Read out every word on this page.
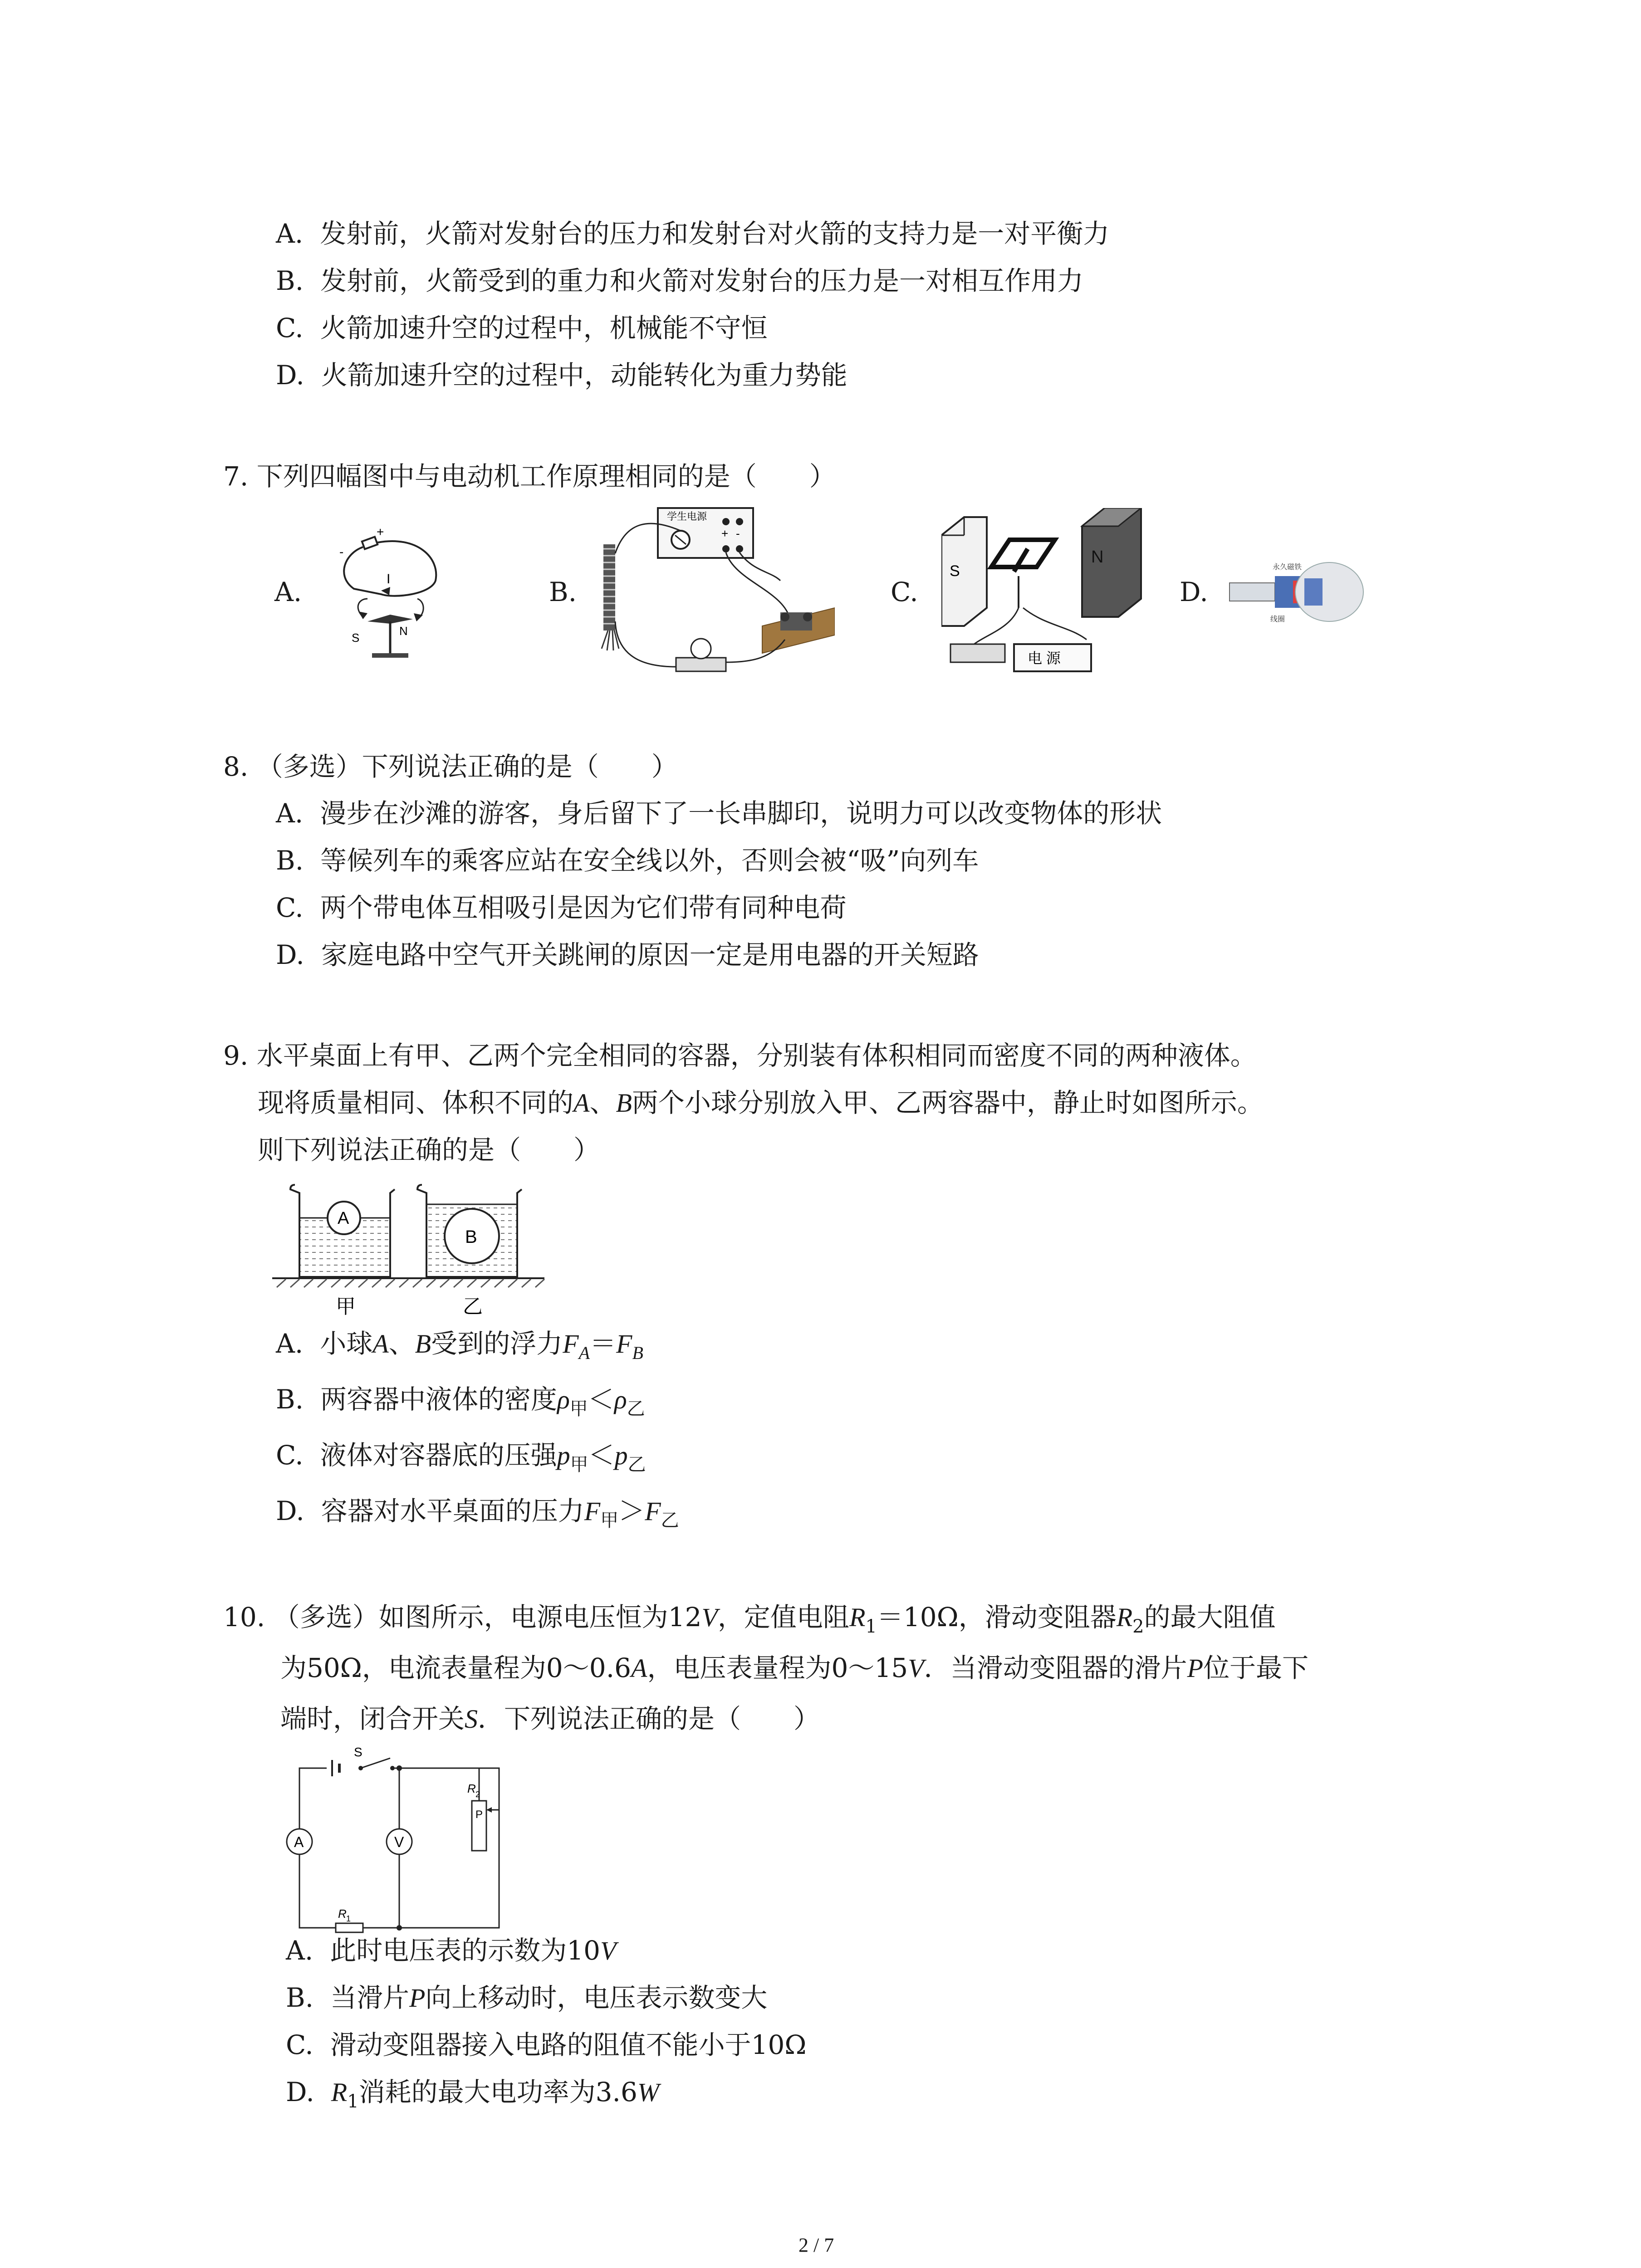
A. 发射前，火箭对发射台的压力和发射台对火箭的支持力是一对平衡力
B. 发射前，火箭受到的重力和火箭对发射台的压力是一对相互作用力
C. 火箭加速升空的过程中，机械能不守恒
D. 火箭加速升空的过程中，动能转化为重力势能
7. 下列四幅图中与电动机工作原理相同的是（　　）
A.	B.	C.	D.
+
-
I
S	N
学生电源
+ -
S
N
电 源
永久磁铁
线圈
8. （多选）下列说法正确的是（　　）
A. 漫步在沙滩的游客，身后留下了一长串脚印，说明力可以改变物体的形状
B. 等候列车的乘客应站在安全线以外，否则会被“吸”向列车
C. 两个带电体互相吸引是因为它们带有同种电荷
D. 家庭电路中空气开关跳闸的原因一定是用电器的开关短路
9. 水平桌面上有甲、乙两个完全相同的容器，分别装有体积相同而密度不同的两种液体。
现将质量相同、体积不同的A、B两个小球分别放入甲、乙两容器中，静止时如图所示。
则下列说法正确的是（　　）
A
B
甲	乙
A. 小球A、B受到的浮力$F_A=F_B$
B. 两容器中液体的密度$\rho_甲<\rho_乙$
C. 液体对容器底的压强$p_甲<p_乙$
D. 容器对水平桌面的压力$F_甲>F_乙$
10. （多选）如图所示，电源电压恒为12V，定值电阻$R_1=10\Omega$，滑动变阻器$R_2$的最大阻值
为50Ω，电流表量程为0～0.6A，电压表量程为0～15V．当滑动变阻器的滑片P位于最下
端时，闭合开关S．下列说法正确的是（　　）
S
R 2
P
A	V
R 1
A. 此时电压表的示数为10V
B. 当滑片P向上移动时，电压表示数变大
C. 滑动变阻器接入电路的阻值不能小于10Ω
D. $R_1$消耗的最大电功率为3.6W
2 / 7
